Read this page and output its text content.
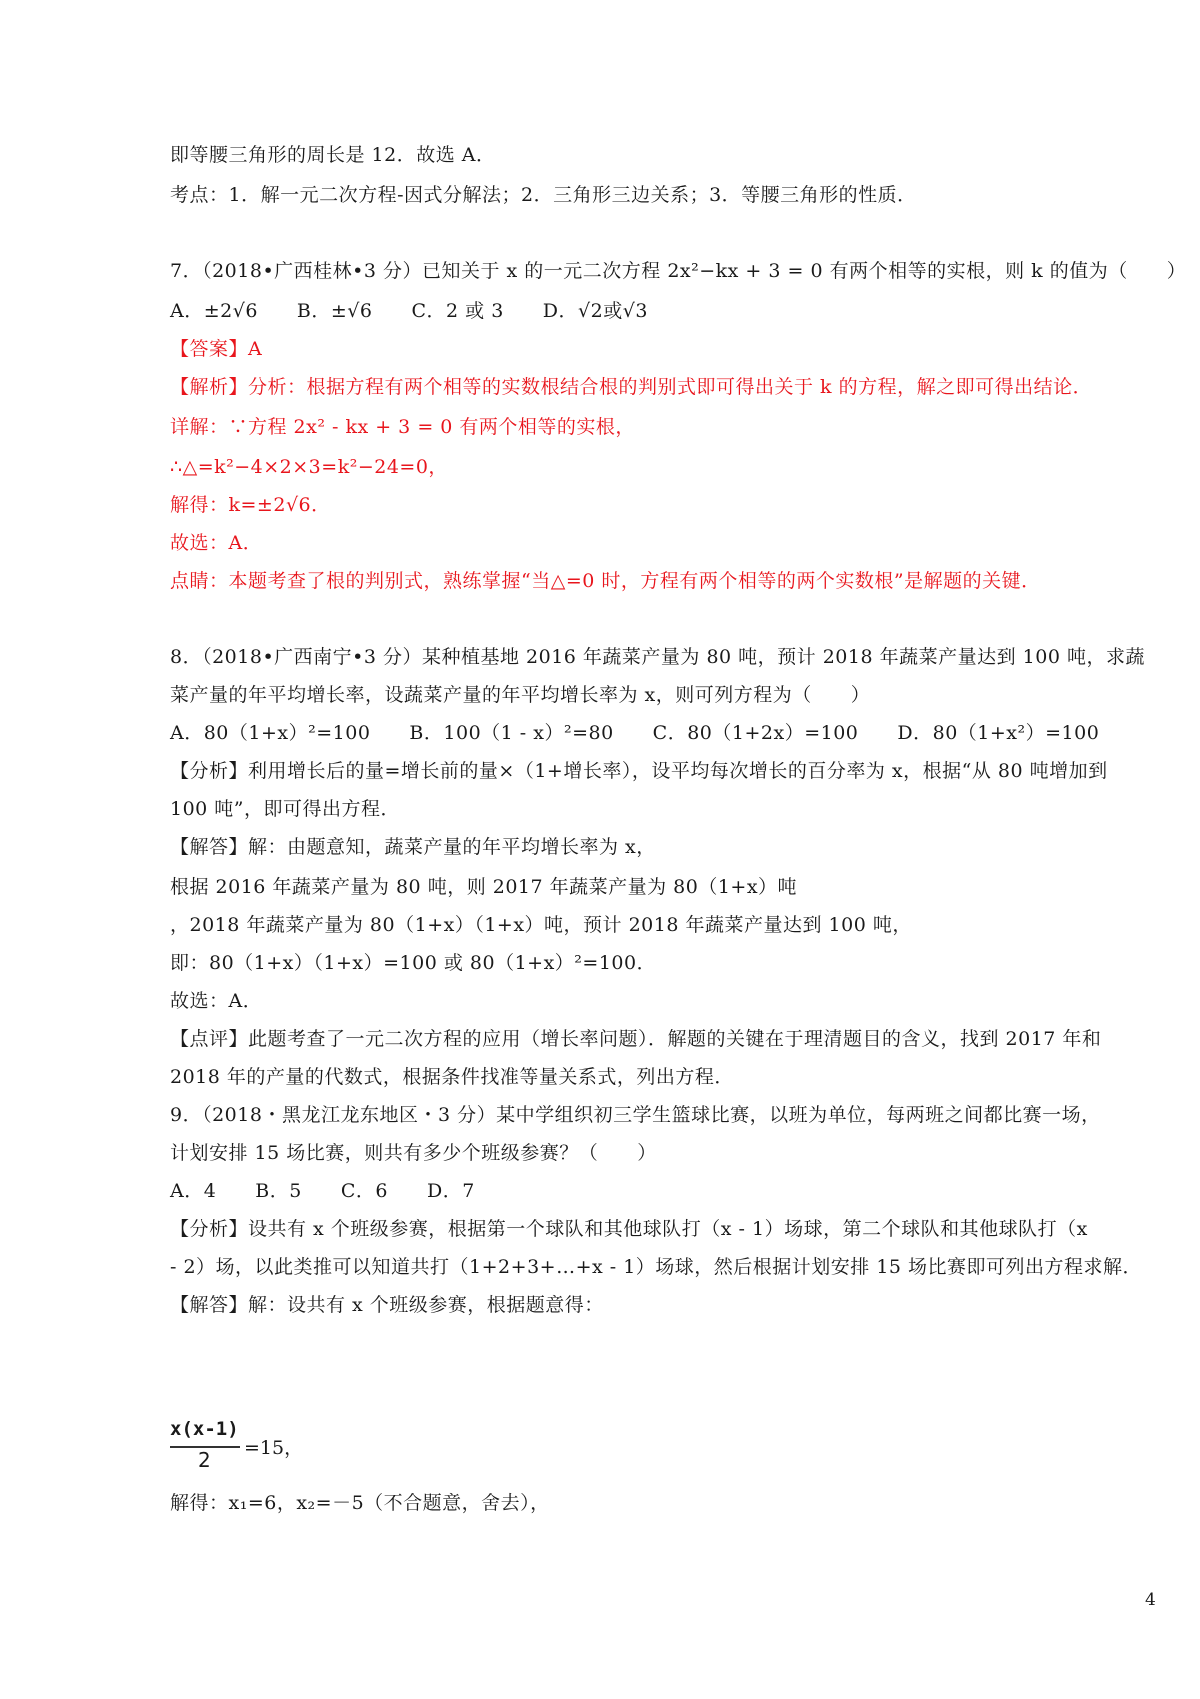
即等腰三角形的周长是 12．故选 A．
考点：1．解一元二次方程-因式分解法；2．三角形三边关系；3．等腰三角形的性质．
7．（2018•广西桂林•3 分）已知关于 x 的一元二次方程 2x²−kx + 3 = 0 有两个相等的实根，则 k 的值为（　　）
A．±2√6　　B．±√6　　C．2 或 3　　D．√2或√3
【答案】A
【解析】分析：根据方程有两个相等的实数根结合根的判别式即可得出关于 k 的方程，解之即可得出结论．
详解：∵方程 2x² - kx + 3 = 0 有两个相等的实根，
∴△=k²−4×2×3=k²−24=0，
解得：k=±2√6．
故选：A．
点睛：本题考查了根的判别式，熟练掌握“当△=0 时，方程有两个相等的两个实数根”是解题的关键．
8．（2018•广西南宁•3 分）某种植基地 2016 年蔬菜产量为 80 吨，预计 2018 年蔬菜产量达到 100 吨，求蔬
菜产量的年平均增长率，设蔬菜产量的年平均增长率为 x，则可列方程为（　　）
A．80（1+x）²=100　　B．100（1 - x）²=80　　C．80（1+2x）=100　　D．80（1+x²）=100
【分析】利用增长后的量=增长前的量×（1+增长率），设平均每次增长的百分率为 x，根据“从 80 吨增加到
100 吨”，即可得出方程．
【解答】解：由题意知，蔬菜产量的年平均增长率为 x，
根据 2016 年蔬菜产量为 80 吨，则 2017 年蔬菜产量为 80（1+x）吨
，2018 年蔬菜产量为 80（1+x）（1+x）吨，预计 2018 年蔬菜产量达到 100 吨，
即：80（1+x）（1+x）=100 或 80（1+x）²=100．
故选：A．
【点评】此题考查了一元二次方程的应用（增长率问题）．解题的关键在于理清题目的含义，找到 2017 年和
2018 年的产量的代数式，根据条件找准等量关系式，列出方程．
9．（2018・黑龙江龙东地区・3 分）某中学组织初三学生篮球比赛，以班为单位，每两班之间都比赛一场，
计划安排 15 场比赛，则共有多少个班级参赛？（　　）
A．4　　B．5　　C．6　　D．7
【分析】设共有 x 个班级参赛，根据第一个球队和其他球队打（x - 1）场球，第二个球队和其他球队打（x
- 2）场，以此类推可以知道共打（1+2+3+…+x - 1）场球，然后根据计划安排 15 场比赛即可列出方程求解．
【解答】解：设共有 x 个班级参赛，根据题意得：
x(x-1)
2 =15，
解得：x₁=6，x₂=－5（不合题意，舍去），
4
